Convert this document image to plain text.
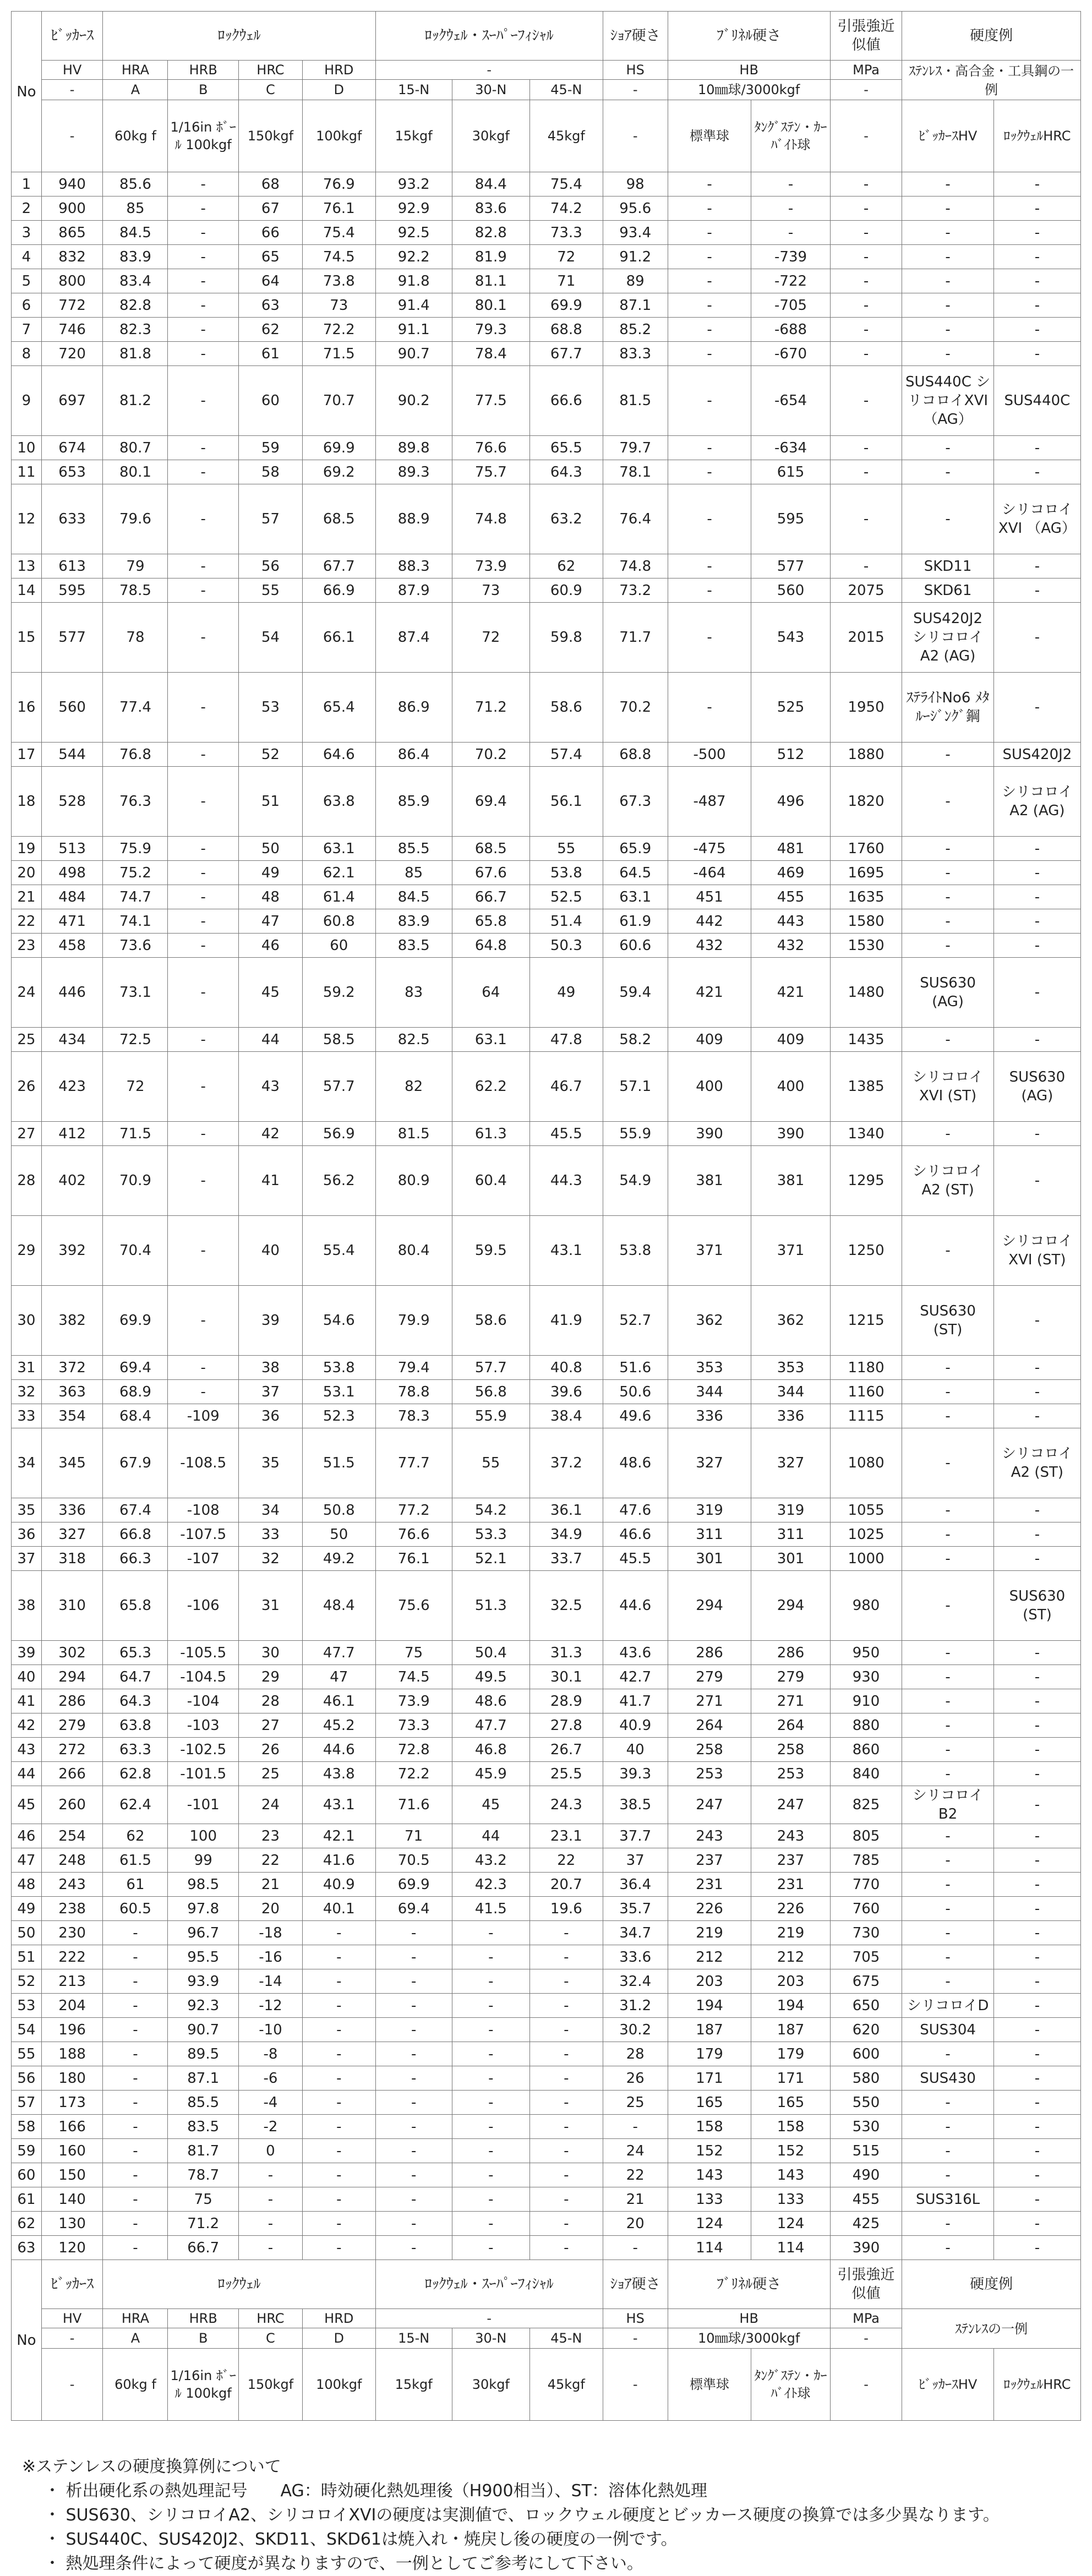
No	ﾋﾞｯｶｰｽ	ﾛｯｸｳｪﾙ				ﾛｯｸｳｪﾙ・ｽｰﾊﾟｰﾌｨｼｬﾙ			ｼｮｱ硬さ	ﾌﾞﾘﾈﾙ硬さ		引張強近似値	硬度例	
	HV	HRA	HRB	HRC	HRD	-			HS	HB		MPa	ｽﾃﾝﾚｽ・高合金・工具鋼の一例	
	-	A	B	C	D	15-N	30-N	45-N	-	10㎜球/3000kgf		-		
	-	60kg f	1/16in ﾎﾞｰﾙ 100kgf	150kgf	100kgf	15kgf	30kgf	45kgf	-	標準球	ﾀﾝｸﾞｽﾃﾝ・ｶｰﾊﾞｲﾄ球	-	ﾋﾞｯｶｰｽHV	ﾛｯｸｳｪﾙHRC
1	940	85.6	-	68	76.9	93.2	84.4	75.4	98	-	-	-	-	-
2	900	85	-	67	76.1	92.9	83.6	74.2	95.6	-	-	-	-	-
3	865	84.5	-	66	75.4	92.5	82.8	73.3	93.4	-	-	-	-	-
4	832	83.9	-	65	74.5	92.2	81.9	72	91.2	-	-739	-	-	-
5	800	83.4	-	64	73.8	91.8	81.1	71	89	-	-722	-	-	-
6	772	82.8	-	63	73	91.4	80.1	69.9	87.1	-	-705	-	-	-
7	746	82.3	-	62	72.2	91.1	79.3	68.8	85.2	-	-688	-	-	-
8	720	81.8	-	61	71.5	90.7	78.4	67.7	83.3	-	-670	-	-	-
9	697	81.2	-	60	70.7	90.2	77.5	66.6	81.5	-	-654	-	SUS440C シリコロイXVI （AG）	SUS440C
10	674	80.7	-	59	69.9	89.8	76.6	65.5	79.7	-	-634	-	-	-
11	653	80.1	-	58	69.2	89.3	75.7	64.3	78.1	-	615	-	-	-
12	633	79.6	-	57	68.5	88.9	74.8	63.2	76.4	-	595	-	-	シリコロイXVI （AG）
13	613	79	-	56	67.7	88.3	73.9	62	74.8	-	577	-	SKD11	-
14	595	78.5	-	55	66.9	87.9	73	60.9	73.2	-	560	2075	SKD61	-
15	577	78	-	54	66.1	87.4	72	59.8	71.7	-	543	2015	SUS420J2 シリコロイA2 (AG)	-
16	560	77.4	-	53	65.4	86.9	71.2	58.6	70.2	-	525	1950	ｽﾃﾗｲﾄNo6 ﾒﾀﾙｰｼﾞﾝｸﾞ鋼	-
17	544	76.8	-	52	64.6	86.4	70.2	57.4	68.8	-500	512	1880	-	SUS420J2
18	528	76.3	-	51	63.8	85.9	69.4	56.1	67.3	-487	496	1820	-	シリコロイA2 (AG)
19	513	75.9	-	50	63.1	85.5	68.5	55	65.9	-475	481	1760	-	-
20	498	75.2	-	49	62.1	85	67.6	53.8	64.5	-464	469	1695	-	-
21	484	74.7	-	48	61.4	84.5	66.7	52.5	63.1	451	455	1635	-	-
22	471	74.1	-	47	60.8	83.9	65.8	51.4	61.9	442	443	1580	-	-
23	458	73.6	-	46	60	83.5	64.8	50.3	60.6	432	432	1530	-	-
24	446	73.1	-	45	59.2	83	64	49	59.4	421	421	1480	SUS630 (AG)	-
25	434	72.5	-	44	58.5	82.5	63.1	47.8	58.2	409	409	1435	-	-
26	423	72	-	43	57.7	82	62.2	46.7	57.1	400	400	1385	シリコロイXVI (ST)	SUS630 (AG)
27	412	71.5	-	42	56.9	81.5	61.3	45.5	55.9	390	390	1340	-	-
28	402	70.9	-	41	56.2	80.9	60.4	44.3	54.9	381	381	1295	シリコロイA2 (ST)	-
29	392	70.4	-	40	55.4	80.4	59.5	43.1	53.8	371	371	1250	-	シリコロイXVI (ST)
30	382	69.9	-	39	54.6	79.9	58.6	41.9	52.7	362	362	1215	SUS630 (ST)	-
31	372	69.4	-	38	53.8	79.4	57.7	40.8	51.6	353	353	1180	-	-
32	363	68.9	-	37	53.1	78.8	56.8	39.6	50.6	344	344	1160	-	-
33	354	68.4	-109	36	52.3	78.3	55.9	38.4	49.6	336	336	1115	-	-
34	345	67.9	-108.5	35	51.5	77.7	55	37.2	48.6	327	327	1080	-	シリコロイA2 (ST)
35	336	67.4	-108	34	50.8	77.2	54.2	36.1	47.6	319	319	1055	-	-
36	327	66.8	-107.5	33	50	76.6	53.3	34.9	46.6	311	311	1025	-	-
37	318	66.3	-107	32	49.2	76.1	52.1	33.7	45.5	301	301	1000	-	-
38	310	65.8	-106	31	48.4	75.6	51.3	32.5	44.6	294	294	980	-	SUS630 (ST)
39	302	65.3	-105.5	30	47.7	75	50.4	31.3	43.6	286	286	950	-	-
40	294	64.7	-104.5	29	47	74.5	49.5	30.1	42.7	279	279	930	-	-
41	286	64.3	-104	28	46.1	73.9	48.6	28.9	41.7	271	271	910	-	-
42	279	63.8	-103	27	45.2	73.3	47.7	27.8	40.9	264	264	880	-	-
43	272	63.3	-102.5	26	44.6	72.8	46.8	26.7	40	258	258	860	-	-
44	266	62.8	-101.5	25	43.8	72.2	45.9	25.5	39.3	253	253	840	-	-
45	260	62.4	-101	24	43.1	71.6	45	24.3	38.5	247	247	825	シリコロイB2	-
46	254	62	100	23	42.1	71	44	23.1	37.7	243	243	805	-	-
47	248	61.5	99	22	41.6	70.5	43.2	22	37	237	237	785	-	-
48	243	61	98.5	21	40.9	69.9	42.3	20.7	36.4	231	231	770	-	-
49	238	60.5	97.8	20	40.1	69.4	41.5	19.6	35.7	226	226	760	-	-
50	230	-	96.7	-18	-	-	-	-	34.7	219	219	730	-	-
51	222	-	95.5	-16	-	-	-	-	33.6	212	212	705	-	-
52	213	-	93.9	-14	-	-	-	-	32.4	203	203	675	-	-
53	204	-	92.3	-12	-	-	-	-	31.2	194	194	650	シリコロイD	-
54	196	-	90.7	-10	-	-	-	-	30.2	187	187	620	SUS304	-
55	188	-	89.5	-8	-	-	-	-	28	179	179	600	-	-
56	180	-	87.1	-6	-	-	-	-	26	171	171	580	SUS430	-
57	173	-	85.5	-4	-	-	-	-	25	165	165	550	-	-
58	166	-	83.5	-2	-	-	-	-	-	158	158	530	-	-
59	160	-	81.7	0	-	-	-	-	24	152	152	515	-	-
60	150	-	78.7	-	-	-	-	-	22	143	143	490	-	-
61	140	-	75	-	-	-	-	-	21	133	133	455	SUS316L	-
62	130	-	71.2	-	-	-	-	-	20	124	124	425	-	-
63	120	-	66.7	-	-	-	-	-	-	114	114	390	-	-
No	ﾋﾞｯｶｰｽ	ﾛｯｸｳｪﾙ				ﾛｯｸｳｪﾙ・ｽｰﾊﾟｰﾌｨｼｬﾙ			ｼｮｱ硬さ	ﾌﾞﾘﾈﾙ硬さ		引張強近似値	硬度例	
	HV	HRA	HRB	HRC	HRD	-			HS	HB		MPa	ｽﾃﾝﾚｽの一例	
	-	A	B	C	D	15-N	30-N	45-N	-	10㎜球/3000kgf		-		
	-	60kg f	1/16in ﾎﾞｰﾙ 100kgf	150kgf	100kgf	15kgf	30kgf	45kgf	-	標準球	ﾀﾝｸﾞｽﾃﾝ・ｶｰﾊﾞｲﾄ球	-	ﾋﾞｯｶｰｽHV	ﾛｯｸｳｪﾙHRC
※ステンレスの硬度換算例について
・ 析出硬化系の熱処理記号　　AG：時効硬化熱処理後（H900相当）、ST：溶体化熱処理
・ SUS630、シリコロイA2、シリコロイXVIの硬度は実測値で、ロックウェル硬度とビッカース硬度の換算では多少異なります。
・ SUS440C、SUS420J2、SKD11、SKD61は焼入れ・焼戻し後の硬度の一例です。
・ 熱処理条件によって硬度が異なりますので、一例としてご参考にして下さい。
